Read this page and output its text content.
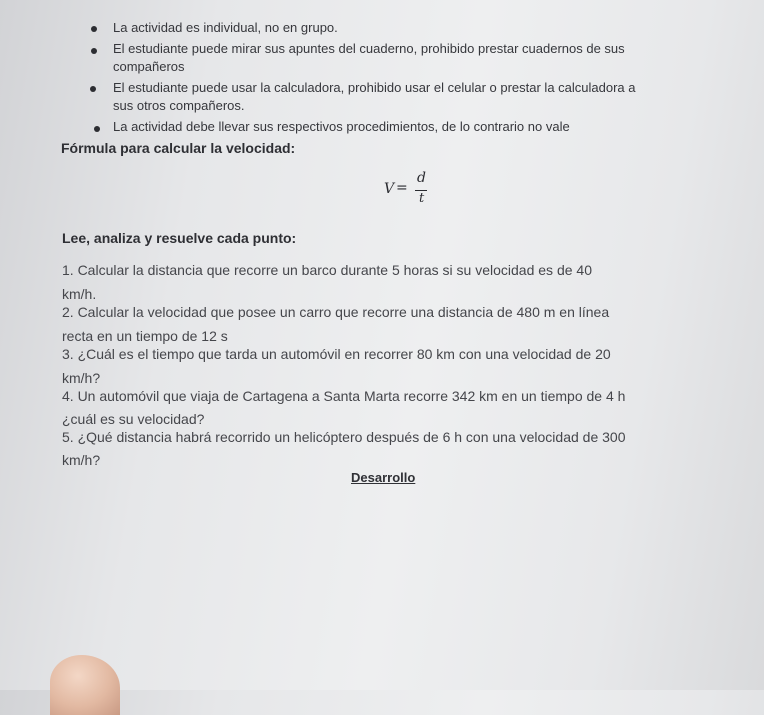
La actividad es individual, no en grupo.
El estudiante puede mirar sus apuntes del cuaderno, prohibido prestar cuadernos de sus
compañeros
El estudiante puede usar la calculadora, prohibido usar el celular o prestar la calculadora a
sus otros compañeros.
La actividad debe llevar sus respectivos procedimientos, de lo contrario no vale
Fórmula para calcular la velocidad:
V =
d
t
Lee, analiza y resuelve cada punto:
1. Calcular la distancia que recorre un barco durante 5 horas si su velocidad es de 40
km/h.
2. Calcular la velocidad que posee un carro que recorre una distancia de 480 m en línea
recta en un tiempo de 12 s
3. ¿Cuál es el tiempo que tarda un automóvil en recorrer 80 km con una velocidad de 20
km/h?
4. Un automóvil que viaja de Cartagena a Santa Marta recorre 342 km en un tiempo de 4 h
¿cuál es su velocidad?
5. ¿Qué distancia habrá recorrido un helicóptero después de 6 h con una velocidad de 300
km/h?
Desarrollo
